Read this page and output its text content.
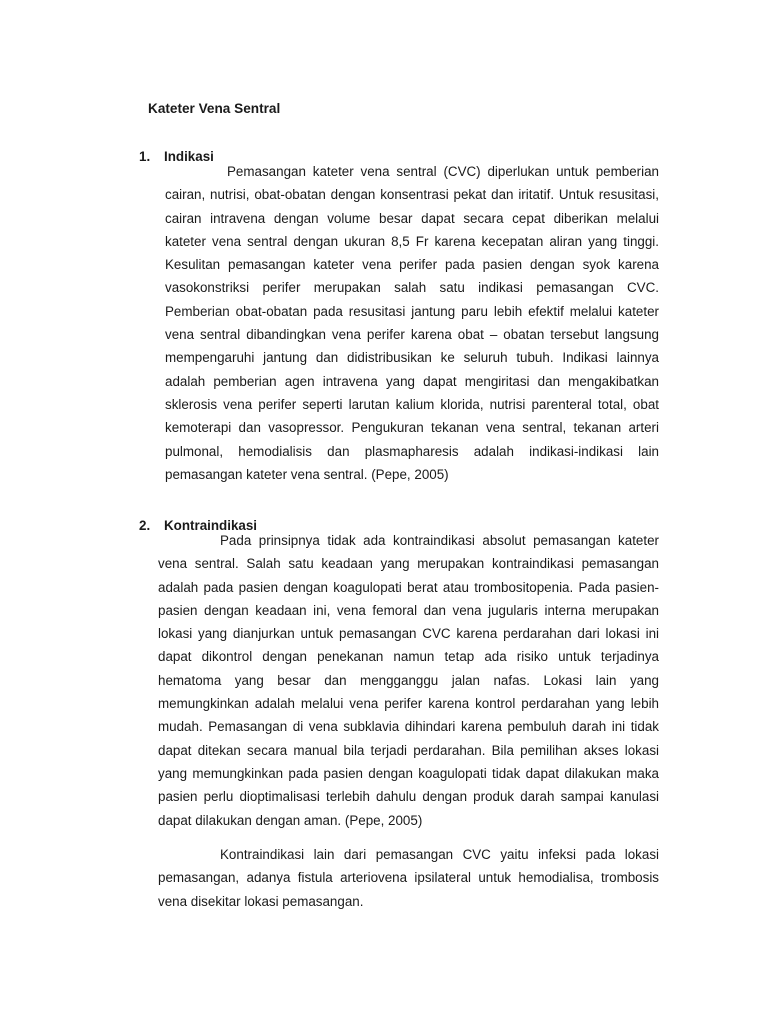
Kateter Vena Sentral
1. Indikasi

Pemasangan kateter vena sentral (CVC) diperlukan untuk pemberian cairan, nutrisi, obat-obatan dengan konsentrasi pekat dan iritatif. Untuk resusitasi, cairan intravena dengan volume besar dapat secara cepat diberikan melalui kateter vena sentral dengan ukuran 8,5 Fr karena kecepatan aliran yang tinggi. Kesulitan pemasangan kateter vena perifer pada pasien dengan syok karena vasokonstriksi perifer merupakan salah satu indikasi pemasangan CVC. Pemberian obat-obatan pada resusitasi jantung paru lebih efektif melalui kateter vena sentral dibandingkan vena perifer karena obat – obatan tersebut langsung mempengaruhi jantung dan didistribusikan ke seluruh tubuh. Indikasi lainnya adalah pemberian agen intravena yang dapat mengiritasi dan mengakibatkan sklerosis vena perifer seperti larutan kalium klorida, nutrisi parenteral total, obat kemoterapi dan vasopressor. Pengukuran tekanan vena sentral, tekanan arteri pulmonal, hemodialisis dan plasmapharesis adalah indikasi-indikasi lain pemasangan kateter vena sentral. (Pepe, 2005)

2. Kontraindikasi

Pada prinsipnya tidak ada kontraindikasi absolut pemasangan kateter vena sentral. Salah satu keadaan yang merupakan kontraindikasi pemasangan adalah pada pasien dengan koagulopati berat atau trombositopenia. Pada pasien-pasien dengan keadaan ini, vena femoral dan vena jugularis interna merupakan lokasi yang dianjurkan untuk pemasangan CVC karena perdarahan dari lokasi ini dapat dikontrol dengan penekanan namun tetap ada risiko untuk terjadinya hematoma yang besar dan mengganggu jalan nafas. Lokasi lain yang memungkinkan adalah melalui vena perifer karena kontrol perdarahan yang lebih mudah. Pemasangan di vena subklavia dihindari karena pembuluh darah ini tidak dapat ditekan secara manual bila terjadi perdarahan. Bila pemilihan akses lokasi yang memungkinkan pada pasien dengan koagulopati tidak dapat dilakukan maka pasien perlu dioptimalisasi terlebih dahulu dengan produk darah sampai kanulasi dapat dilakukan dengan aman. (Pepe, 2005)

Kontraindikasi lain dari pemasangan CVC yaitu infeksi pada lokasi pemasangan, adanya fistula arteriovena ipsilateral untuk hemodialisa, trombosis vena disekitar lokasi pemasangan.
